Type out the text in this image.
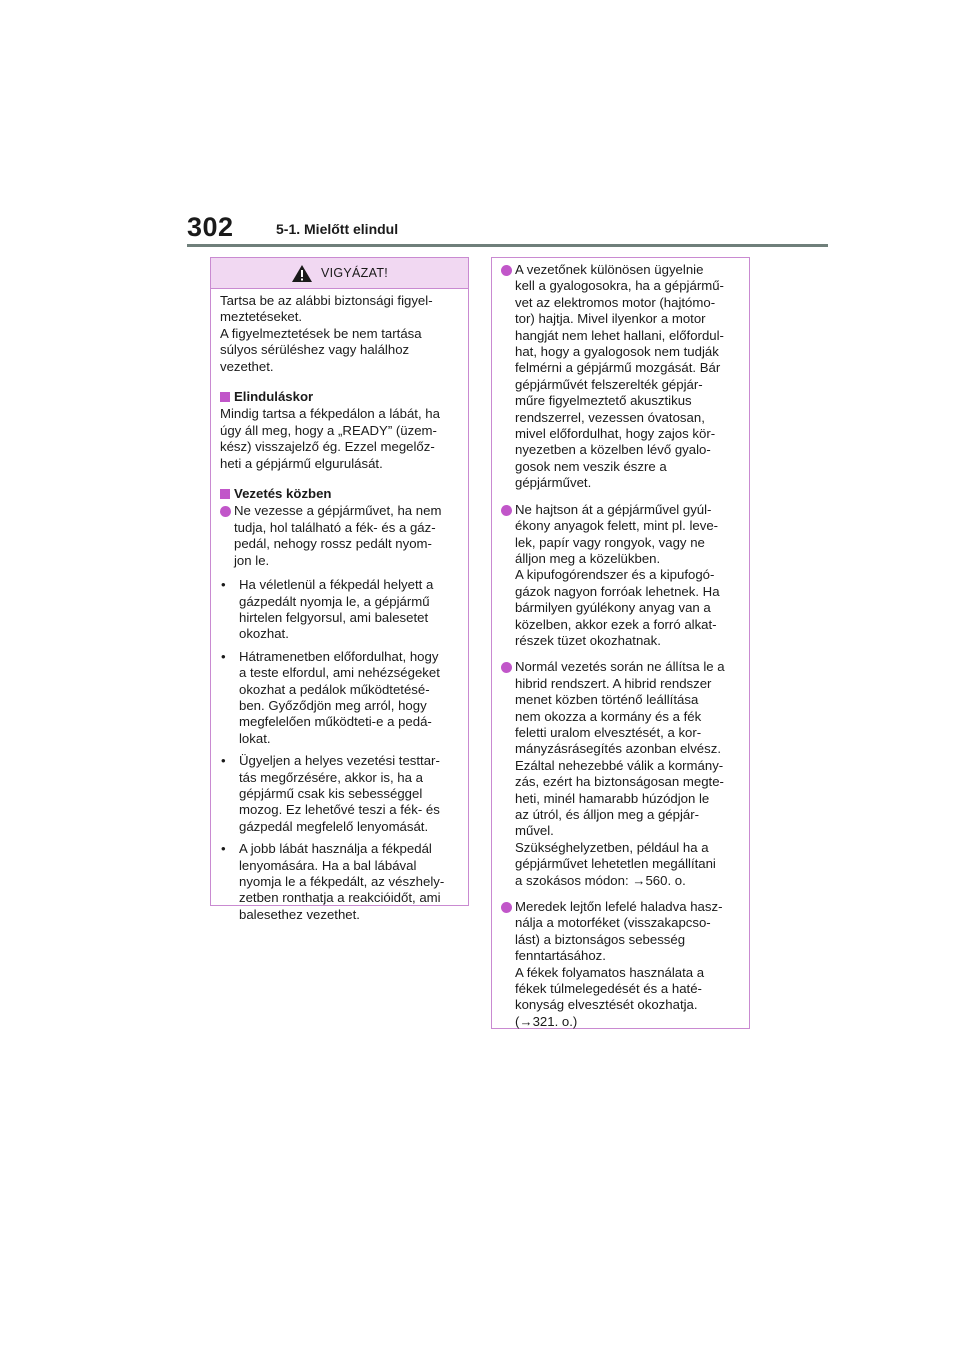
302	5-1. Mielőtt elindul
VIGYÁZAT!

Tartsa be az alábbi biztonsági figyel-
meztetéseket.
A figyelmeztetések be nem tartása
súlyos sérüléshez vagy halálhoz
vezethet.

Elinduláskor

Mindig tartsa a fékpedálon a lábát, ha
úgy áll meg, hogy a „READY” (üzem-
kész) visszajelző ég. Ezzel megelőz-
heti a gépjármű elgurulását.

Vezetés közben
Ne vezesse a gépjárművet, ha nem
tudja, hol található a fék- és a gáz-
pedál, nehogy rossz pedált nyom-
jon le.
•	Ha véletlenül a fékpedál helyett a
gázpedált nyomja le, a gépjármű
hirtelen felgyorsul, ami balesetet
okozhat.
•	Hátramenetben előfordulhat, hogy
a teste elfordul, ami nehézségeket
okozhat a pedálok működtetésé-
ben. Győződjön meg arról, hogy
megfelelően működteti-e a pedá-
lokat.
•	Ügyeljen a helyes vezetési testtar-
tás megőrzésére, akkor is, ha a
gépjármű csak kis sebességgel
mozog. Ez lehetővé teszi a fék- és
gázpedál megfelelő lenyomását.
•	A jobb lábát használja a fékpedál
lenyomására. Ha a bal lábával
nyomja le a fékpedált, az vészhely-
zetben ronthatja a reakcióidőt, ami
balesethez vezethet.
A vezetőnek különösen ügyelnie
kell a gyalogosokra, ha a gépjármű-
vet az elektromos motor (hajtómo-
tor) hajtja. Mivel ilyenkor a motor
hangját nem lehet hallani, előfordul-
hat, hogy a gyalogosok nem tudják
felmérni a gépjármű mozgását. Bár
gépjárművét felszerelték gépjár-
műre figyelmeztető akusztikus
rendszerrel, vezessen óvatosan,
mivel előfordulhat, hogy zajos kör-
nyezetben a közelben lévő gyalo-
gosok nem veszik észre a
gépjárművet.
Ne hajtson át a gépjárművel gyúl-
ékony anyagok felett, mint pl. leve-
lek, papír vagy rongyok, vagy ne
álljon meg a közelükben.
A kipufogórendszer és a kipufogó-
gázok nagyon forróak lehetnek. Ha
bármilyen gyúlékony anyag van a
közelben, akkor ezek a forró alkat-
részek tüzet okozhatnak.
Normál vezetés során ne állítsa le a
hibrid rendszert. A hibrid rendszer
menet közben történő leállítása
nem okozza a kormány és a fék
feletti uralom elvesztését, a kor-
mányzásrásegítés azonban elvész.
Ezáltal nehezebbé válik a kormány-
zás, ezért ha biztonságosan megte-
heti, minél hamarabb húzódjon le
az útról, és álljon meg a gépjár-
művel.
Szükséghelyzetben, például ha a
gépjárművet lehetetlen megállítani
a szokásos módon: →560. o.
Meredek lejtőn lefelé haladva hasz-
nálja a motorféket (visszakapcso-
lást) a biztonságos sebesség
fenntartásához.
A fékek folyamatos használata a
fékek túlmelegedését és a haté-
konyság elvesztését okozhatja.
(→321. o.)
